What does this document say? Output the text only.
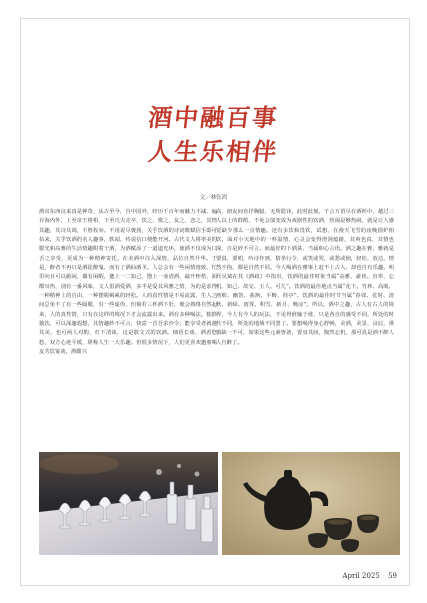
酒中融百事
人生乐相伴
文／林钰鸿
酒出东西这来真是神奇，从古至今，自中国外，经历千百年而魅力不减，遍存海内外，上至帝王将相，下至凡夫走卒，饮之，歌之，友之，恋之，其情其趣，其诗其调，不胜枚举。不用说尽褒扬，关乎饮酒的诗词歌赋信手即可拈来，关乎饮酒的名人趣事，轶闻、传说信口便能开河。古代文人将率美的膨光和高雅的生活情趣附着于酒，为酒赋添了一道道光环，使酒不仅成为口舌之享受，更成为一种精神寄托。在美酒中注入深情，品位自然升华。于是，醉者不再只是酒徒醉鬼，而有了酒仙酒圣。人总会有一些闲情逸致，忙里向且可以偷闲，偶有闲暇，邀上一二知己，摆上一壶清酒，敲开桎梏，面酣耳热，别有一番风味，文人倡酒爱酒，多半是爱其风雅之情，为的是求得一种精神上的自由，一种摆脱羁累的轻松。人的真性情是不易流露，生人之间总免不了有一些隔膜，有一些虚伪，但倘若三杯酒下肚，便会熟络自然起来，人的真性情，只有在这样的境况下才会流露出来。酒有多种喝法。独斟独饮，可以深邃遐想，其情趣妙不可言，快意一首吾求沙令；能享受者就越其美，也可两人对酌，灯下清谈，这是散文式的饮酒。细语长谈，酒香悠悠，双方心迹平缓，堪称人生一大乐趣。但很多情况下，人们更喜欢邀朋喝友共饮宴谈，酒酣兴
高，朋友间直抒胸臆，无所隐讳，此时此刻，千言万语尽在酒杯中。越过三人以上的群酌，不免会演变成为戏剧性的饮酒，热闹是够热闹，就是让人感觉缺少那么一点情趣。还有多饮和畏饮，试想，在漫天飞雪的夜晚围炉相饮，面对小天地中的一杯温情，心灵会变得澄洞蕴藉，其爽也真，其情也深，自是妙不可言。而最好的下酒菜，当属和心言语。酒之趣在雅，雅就是要说，要唱，吟诗作画，猜拳行令，或笑或哭，或愁或恼，轻松，放达，情然不拘，都是自然不同。今人喝酒在雅事上赶不上古人，却也自有乐趣。明代吴斌在其《酒政》中指出，饮酒的最佳时象当属“高雅、豪侠、直率、忘机、知己、故交、玉人、可儿”。饮酒的最佳地点当属“花下、竹林、高阁、画舫、幽馆、曲涧、平畴、荷亭”。饮酒的最佳时节当属“春郊、花时、清秋、新绿、雨霁、积雪、新月、晚凉”。所以，酒中之趣，古人有古人的境界，今人有今人的玩法，不见得谁输于谁，只是各自的感受不同，所处的时代不同，所处的地域不同罢了。要想喝得身心舒畅，美酒，美景，良辰，谨慎缺一不可，如果这些元素皆备，置身其间，陶然忘机，那可真是酒不醉人人自醉了。
April 2025 59
